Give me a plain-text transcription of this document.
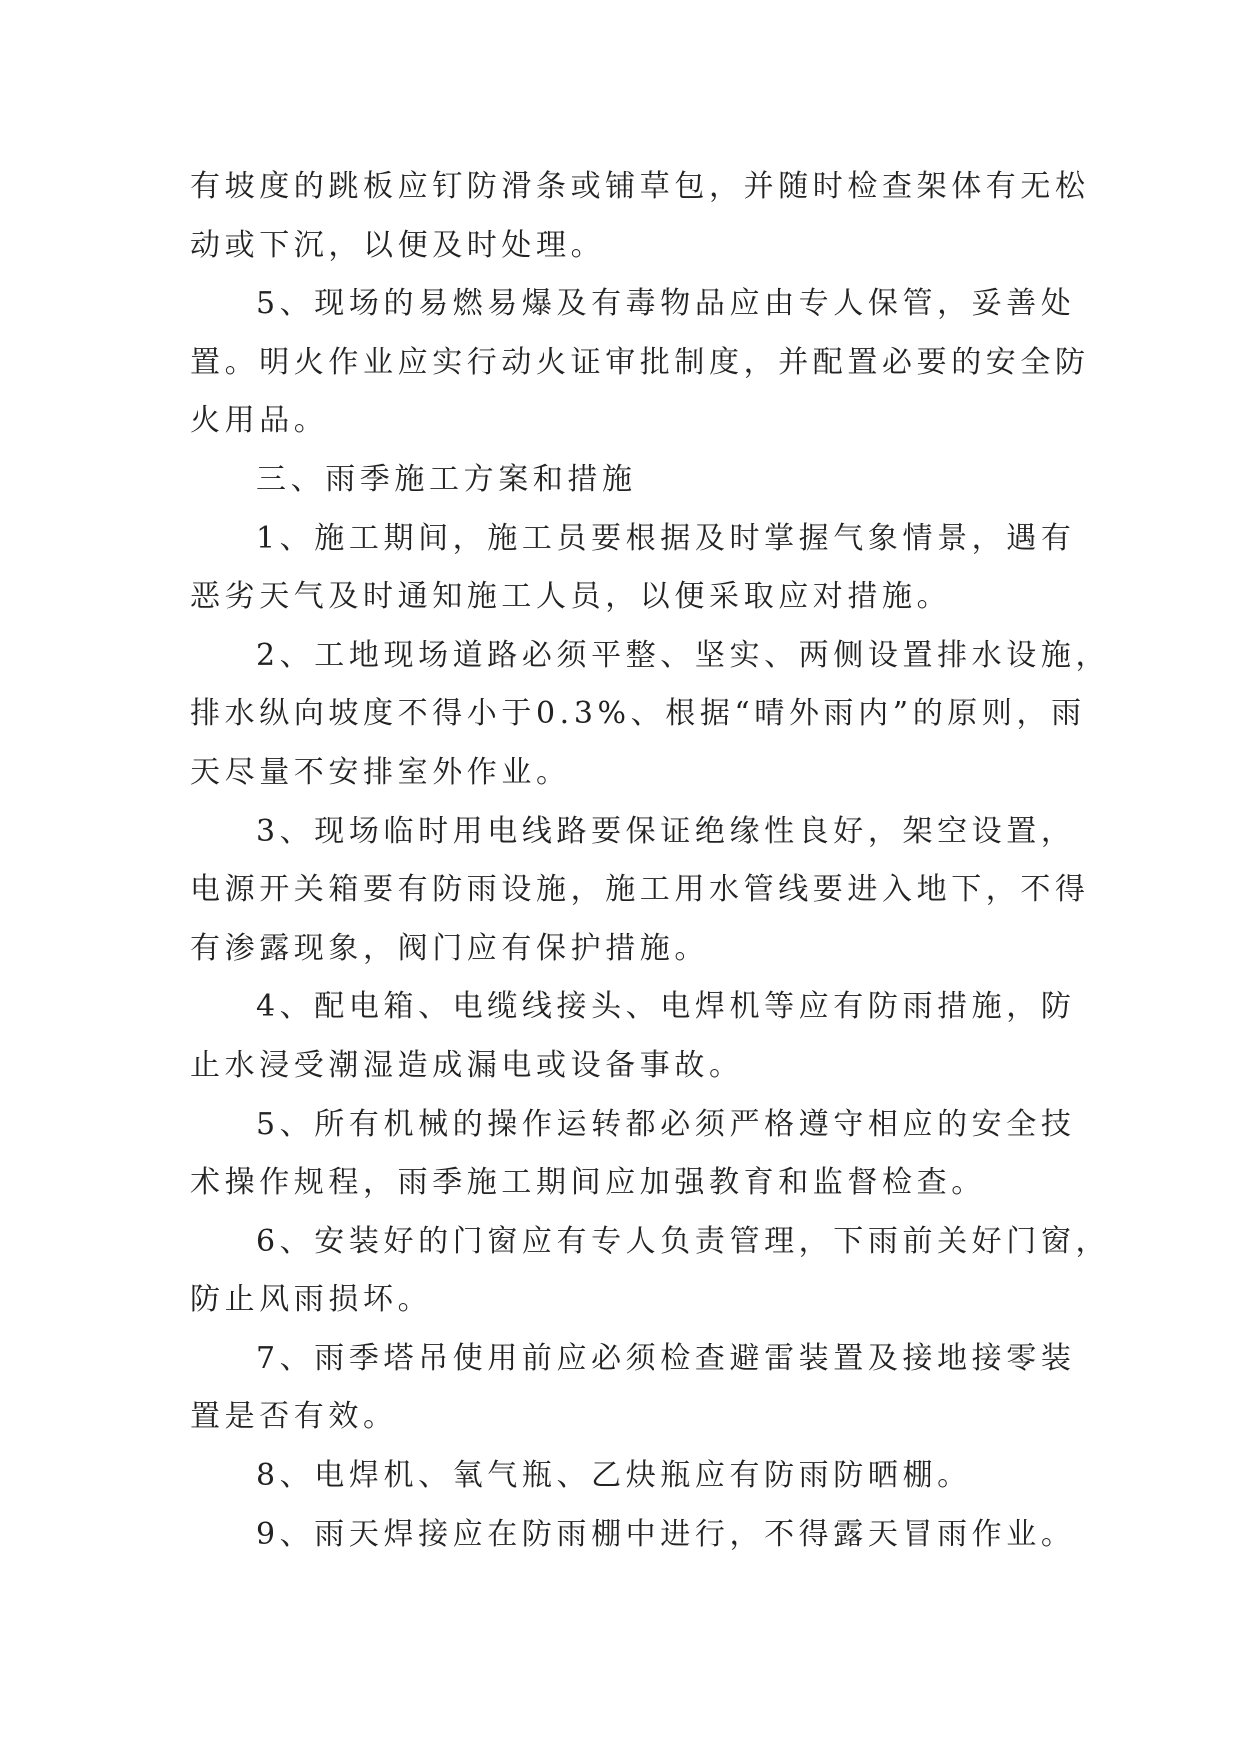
有坡度的跳板应钉防滑条或铺草包，并随时检查架体有无松
动或下沉，以便及时处理。
5、现场的易燃易爆及有毒物品应由专人保管，妥善处
置。明火作业应实行动火证审批制度，并配置必要的安全防
火用品。
三、雨季施工方案和措施
1、施工期间，施工员要根据及时掌握气象情景，遇有
恶劣天气及时通知施工人员，以便采取应对措施。
2、工地现场道路必须平整、坚实、两侧设置排水设施，
排水纵向坡度不得小于0.3%、根据“晴外雨内”的原则，雨
天尽量不安排室外作业。
3、现场临时用电线路要保证绝缘性良好，架空设置，
电源开关箱要有防雨设施，施工用水管线要进入地下，不得
有渗露现象，阀门应有保护措施。
4、配电箱、电缆线接头、电焊机等应有防雨措施，防
止水浸受潮湿造成漏电或设备事故。
5、所有机械的操作运转都必须严格遵守相应的安全技
术操作规程，雨季施工期间应加强教育和监督检查。
6、安装好的门窗应有专人负责管理，下雨前关好门窗，
防止风雨损坏。
7、雨季塔吊使用前应必须检查避雷装置及接地接零装
置是否有效。
8、电焊机、氧气瓶、乙炔瓶应有防雨防晒棚。
9、雨天焊接应在防雨棚中进行，不得露天冒雨作业。
